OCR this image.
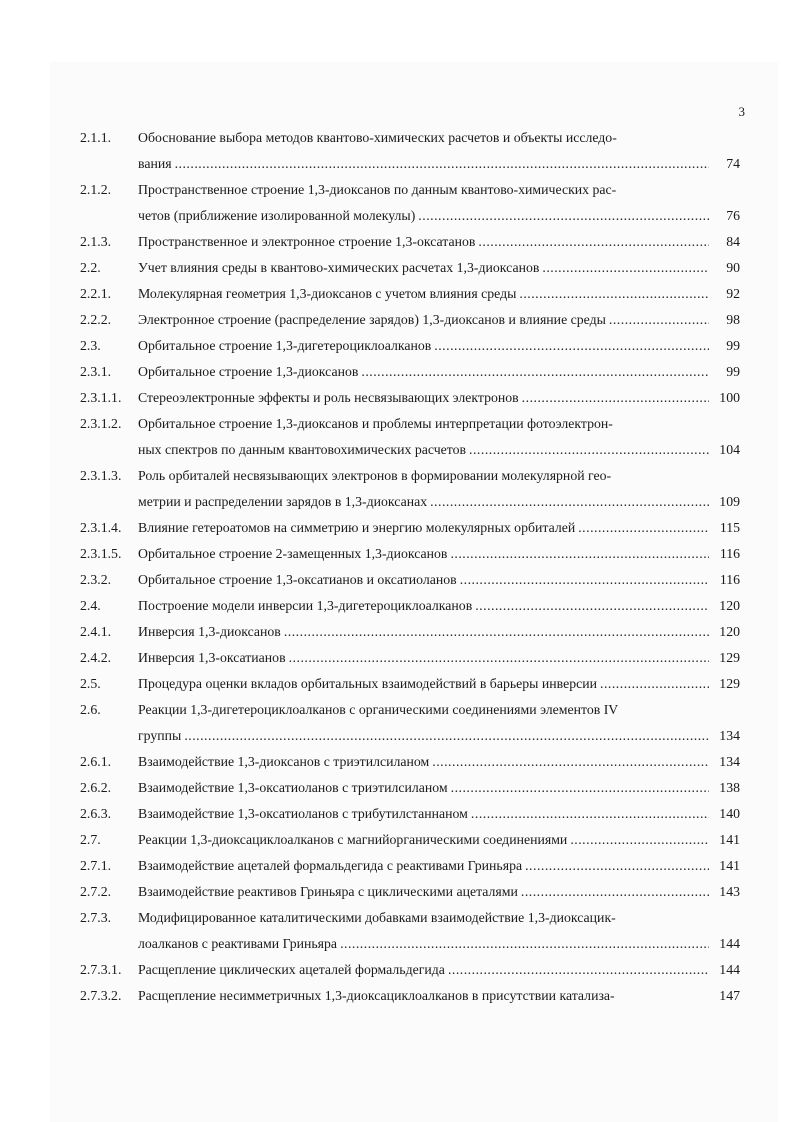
3
2.1.1.	Обоснование выбора методов квантово-химических расчетов и объекты исследо-
вания .....	74
2.1.2.	Пространственное строение 1,3-диоксанов по данным квантово-химических рас-
четов (приближение изолированной молекулы) .....	76
2.1.3.	Пространственное и электронное строение 1,3-оксатанов .....	84
2.2.	Учет влияния среды в квантово-химических расчетах 1,3-диоксанов .....	90
2.2.1.	Молекулярная геометрия 1,3-диоксанов с учетом влияния среды .....	92
2.2.2.	Электронное строение (распределение зарядов) 1,3-диоксанов и влияние среды .....	98
2.3.	Орбитальное строение 1,3-дигетероциклоалканов .....	99
2.3.1.	Орбитальное строение 1,3-диоксанов .....	99
2.3.1.1.	Стереоэлектронные эффекты и роль несвязывающих электронов .....	100
2.3.1.2.	Орбитальное строение 1,3-диоксанов и проблемы интерпретации фотоэлектрон-
ных спектров по данным квантовохимических расчетов .....	104
2.3.1.3.	Роль орбиталей несвязывающих электронов в формировании молекулярной гео-
метрии и распределении зарядов в 1,3-диоксанах .....	109
2.3.1.4.	Влияние гетероатомов на симметрию и энергию молекулярных орбиталей .....	115
2.3.1.5.	Орбитальное строение 2-замещенных 1,3-диоксанов .....	116
2.3.2.	Орбитальное строение 1,3-оксатианов и оксатиоланов .....	116
2.4.	Построение модели инверсии 1,3-дигетероциклоалканов .....	120
2.4.1.	Инверсия 1,3-диоксанов .....	120
2.4.2.	Инверсия 1,3-оксатианов .....	129
2.5.	Процедура оценки вкладов орбитальных взаимодействий в барьеры инверсии .....	129
2.6.	Реакции 1,3-дигетероциклоалканов с органическими соединениями элементов IV
группы .....	134
2.6.1.	Взаимодействие 1,3-диоксанов с триэтилсиланом .....	134
2.6.2.	Взаимодействие 1,3-оксатиоланов с триэтилсиланом .....	138
2.6.3.	Взаимодействие 1,3-оксатиоланов с трибутилстаннаном .....	140
2.7.	Реакции 1,3-диоксациклоалканов с магнийорганическими соединениями .....	141
2.7.1.	Взаимодействие ацеталей формальдегида с реактивами Гриньяра .....	141
2.7.2.	Взаимодействие реактивов Гриньяра с циклическими ацеталями .....	143
2.7.3.	Модифицированное каталитическими добавками взаимодействие 1,3-диоксацик-
лоалканов с реактивами Гриньяра .....	144
2.7.3.1.	Расщепление циклических ацеталей формальдегида .....	144
2.7.3.2.	Расщепление несимметричных 1,3-диоксациклоалканов в присутствии катализа-	147
